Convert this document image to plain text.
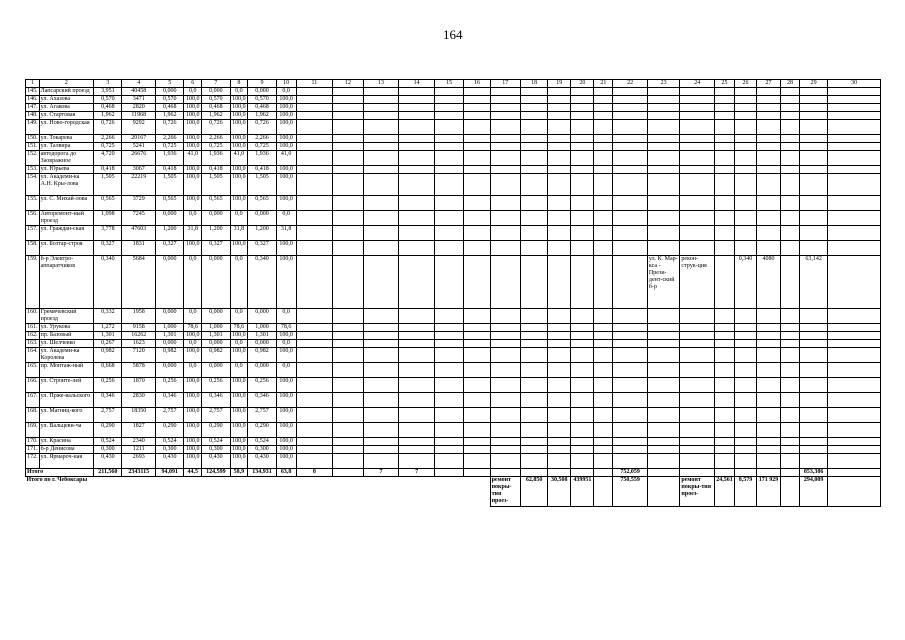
164
1	2	3	4	5	6	7	8	9	10	11	12	13	14	15	16	17	18	19	20	21	22	23	24	25	26	27	28	29	30
145.	Лапсарский проезд	3,951	40458	0,000	0,0	0,000	0,0	0,000	0,0																				
146.	ул. Ахазова	0,570	3471	0,570	100,0	0,570	100,0	0,570	100,0																				
147.	ул. Агакова	0,468	2820	0,468	100,0	0,468	100,0	0,468	100,0																				
148.	ул. Стартовая	1,962	11968	1,962	100,0	1,962	100,0	1,962	100,0																				
149.	ул. Ново-городская	0,726	9292	0,726	100,0	0,726	100,0	0,726	100,0																				
150.	ул. Токарева	2,266	20167	2,266	100,0	2,266	100,0	2,266	100,0																				
151.	ул. Талвира	0,725	5241	0,725	100,0	0,725	100,0	0,725	100,0																				
152.	автодорога до Заовражное	4,720	26676	1,936	41,0	1,936	41,0	1,936	41,0																				
153.	ул. Юрьева	0,418	3067	0,418	100,0	0,418	100,0	0,418	100,0																				
154.	ул. Академи-ка А.Н. Кры-лова	1,505	22219	1,505	100,0	1,505	100,0	1,505	100,0																				
155.	ул. С. Михай-лова	0,565	3729	0,565	100,0	0,565	100,0	0,565	100,0																				
156.	Авторемонт-ный проезд	1,098	7245	0,000	0,0	0,000	0,0	0,000	0,0																				
157.	ул. Граждан-ская	3,778	47603	1,200	31,8	1,200	31,8	1,200	31,8																				
158.	ул. Бозтар-строя	0,327	1831	0,327	100,0	0,327	100,0	0,327	100,0																				
159.	б-р Электро-аппаратчиков	0,340	5684	0,000	0,0	0,000	0,0	0,340	100,0													ул. К. Мар-кса - Прези-дент-ский б-р	рекон-струк-ция		0,340	4080		63,142	
160.	Гремячевский проезд	0,332	1958	0,000	0,0	0,000	0,0	0,000	0,0																				
161.	ул. Урукова	1,272	9158	1,000	78,6	1,000	78,6	1,000	78,6																				
162.	пр. Базовый	1,301	16262	1,301	100,0	1,301	100,0	1,301	100,0																				
163.	ул. Шелчевко	0,267	1623	0,000	0,0	0,000	0,0	0,000	0,0																				
164.	ул. Академи-ка Королева	0,982	7120	0,982	100,0	0,982	100,0	0,982	100,0																				
165.	пр. Монтаж-ный	0,668	5878	0,000	0,0	0,000	0,0	0,000	0,0																				
166.	ул. Строите-лей	0,256	1870	0,256	100,0	0,256	100,0	0,256	100,0																				
167.	ул. Прже-вальского	0,346	2830	0,346	100,0	0,346	100,0	0,346	100,0																				
168.	ул. Магниц-кого	2,757	18350	2,757	100,0	2,757	100,0	2,757	100,0																				
169.	ул. Вальцеви-ча	0,290	1827	0,290	100,0	0,290	100,0	0,290	100,0																				
170.	ул. Красина	0,524	2340	0,524	100,0	0,524	100,0	0,524	100,0																				
171.	б-р Денисова	0,300	1211	0,300	100,0	0,300	100,0	0,300	100,0																				
172.	ул. Ярмароч-ная	0,430	2693	0,430	100,0	0,430	100,0	0,430	100,0																				
Итого		211,560	2343115	94,091	44,5	124,599	58,9	134,931	63,8	8		7	7								752,059							853,386	
Итого по г. Чебоксары																ремонт покры-тия проез-	62,850	30,508	439951		750,559		ремонт покры-тия проез-	24,561	8,579	171 929		294,009	
